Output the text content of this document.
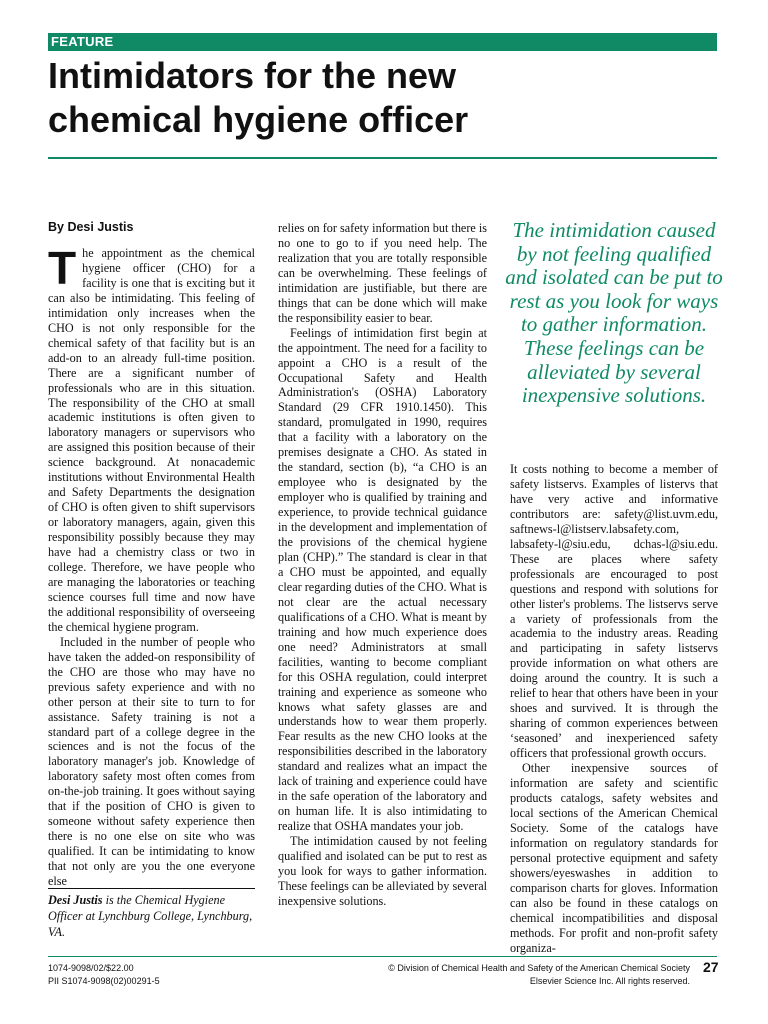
FEATURE
Intimidators for the new
chemical hygiene officer
By Desi Justis

The appointment as the chemical hygiene officer (CHO) for a facility is one that is exciting but it can also be intimidating. This feeling of intimidation only increases when the CHO is not only responsible for the chemical safety of that facility but is an add-on to an already full-time position. There are a significant number of professionals who are in this situation. The responsibility of the CHO at small academic institutions is often given to laboratory managers or supervisors who are assigned this position because of their science background. At nonacademic institutions without Environmental Health and Safety Departments the designation of CHO is often given to shift supervisors or laboratory managers, again, given this responsibility possibly because they may have had a chemistry class or two in college. Therefore, we have people who are managing the laboratories or teaching science courses full time and now have the additional responsibility of overseeing the chemical hygiene program.

Included in the number of people who have taken the added-on responsibility of the CHO are those who may have no previous safety experience and with no other person at their site to turn to for assistance. Safety training is not a standard part of a college degree in the sciences and is not the focus of the laboratory manager's job. Knowledge of laboratory safety most often comes from on-the-job training. It goes without saying that if the position of CHO is given to someone without safety experience then there is no one else on site who was qualified. It can be intimidating to know that not only are you the one everyone else

relies on for safety information but there is no one to go to if you need help. The realization that you are totally responsible can be overwhelming. These feelings of intimidation are justifiable, but there are things that can be done which will make the responsibility easier to bear.

Feelings of intimidation first begin at the appointment. The need for a facility to appoint a CHO is a result of the Occupational Safety and Health Administration's (OSHA) Laboratory Standard (29 CFR 1910.1450). This standard, promulgated in 1990, requires that a facility with a laboratory on the premises designate a CHO. As stated in the standard, section (b), “a CHO is an employee who is designated by the employer who is qualified by training and experience, to provide technical guidance in the development and implementation of the provisions of the chemical hygiene plan (CHP).” The standard is clear in that a CHO must be appointed, and equally clear regarding duties of the CHO. What is not clear are the actual necessary qualifications of a CHO. What is meant by training and how much experience does one need? Administrators at small facilities, wanting to become compliant for this OSHA regulation, could interpret training and experience as someone who knows what safety glasses are and understands how to wear them properly. Fear results as the new CHO looks at the responsibilities described in the laboratory standard and realizes what an impact the lack of training and experience could have in the safe operation of the laboratory and on human life. It is also intimidating to realize that OSHA mandates your job.

The intimidation caused by not feeling qualified and isolated can be put to rest as you look for ways to gather information. These feelings can be alleviated by several inexpensive solutions.

The intimidation caused by not feeling qualified and isolated can be put to rest as you look for ways to gather information. These feelings can be alleviated by several inexpensive solutions.

It costs nothing to become a member of safety listservs. Examples of listervs that have very active and informative contributors are: safety@list.uvm.edu, saftnews-l@listserv.labsafety.com, labsafety-l@siu.edu, dchas-l@siu.edu. These are places where safety professionals are encouraged to post questions and respond with solutions for other lister's problems. The listservs serve a variety of professionals from the academia to the industry areas. Reading and participating in safety listservs provide information on what others are doing around the country. It is such a relief to hear that others have been in your shoes and survived. It is through the sharing of common experiences between ‘seasoned’ and inexperienced safety officers that professional growth occurs.

Other inexpensive sources of information are safety and scientific products catalogs, safety websites and local sections of the American Chemical Society. Some of the catalogs have information on regulatory standards for personal protective equipment and safety showers/eyeswashes in addition to comparison charts for gloves. Information can also be found in these catalogs on chemical incompatibilities and disposal methods. For profit and non-profit safety organiza-

Desi Justis is the Chemical Hygiene Officer at Lynchburg College, Lynchburg, VA.
1074-9098/02/$22.00
PII S1074-9098(02)00291-5
© Division of Chemical Health and Safety of the American Chemical Society
Elsevier Science Inc. All rights reserved.
27
